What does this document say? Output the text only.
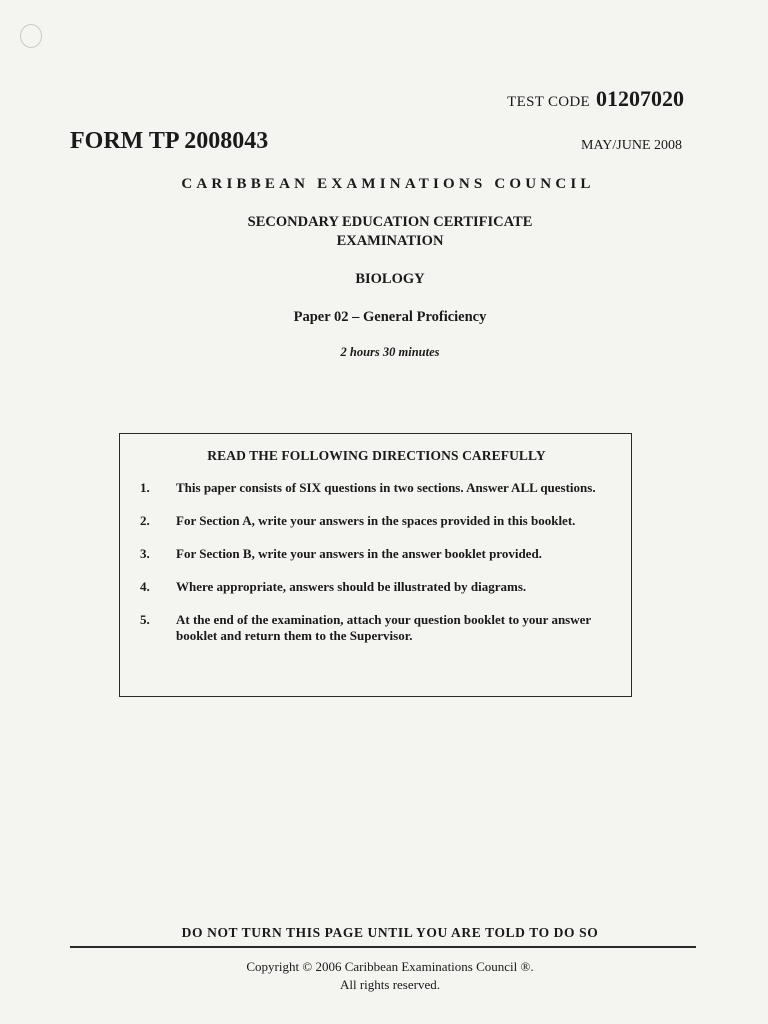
TEST CODE 01207020
FORM TP 2008043	MAY/JUNE 2008
CARIBBEAN EXAMINATIONS COUNCIL
SECONDARY EDUCATION CERTIFICATE
EXAMINATION
BIOLOGY
Paper 02 – General Proficiency
2 hours 30 minutes
READ THE FOLLOWING DIRECTIONS CAREFULLY
1.	This paper consists of SIX questions in two sections. Answer ALL questions.
2.	For Section A, write your answers in the spaces provided in this booklet.
3.	For Section B, write your answers in the answer booklet provided.
4.	Where appropriate, answers should be illustrated by diagrams.
5.	At the end of the examination, attach your question booklet to your answer booklet and return them to the Supervisor.
DO NOT TURN THIS PAGE UNTIL YOU ARE TOLD TO DO SO
Copyright © 2006 Caribbean Examinations Council ®.
All rights reserved.
